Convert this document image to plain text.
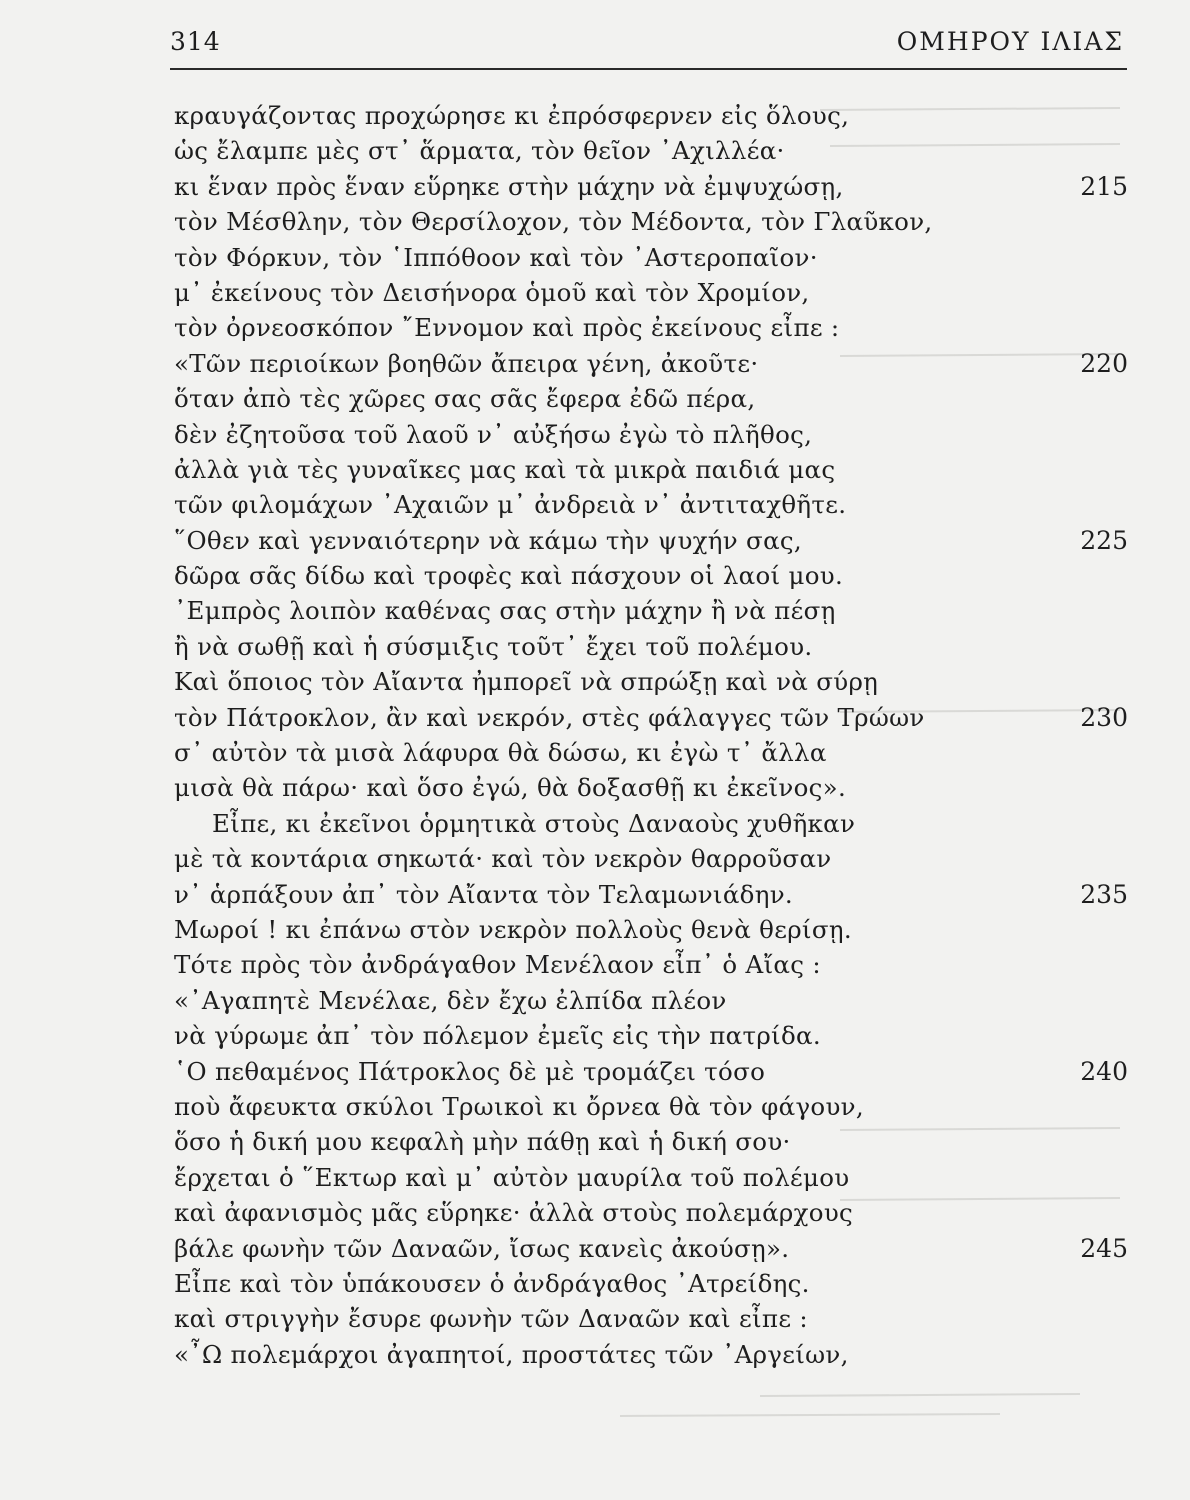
314	ΟΜΗΡΟΥ ΙΛΙΑΣ
κραυγάζοντας προχώρησε κι ἐπρόσφερνεν εἰς ὅλους,
ὡς ἔλαμπε μὲς στ᾽ ἅρματα, τὸν θεῖον ᾽Αχιλλέα·
κι ἕναν πρὸς ἕναν εὕρηκε στὴν μάχην νὰ ἐμψυχώσῃ,	215
τὸν Μέσθλην, τὸν Θερσίλοχον, τὸν Μέδοντα, τὸν Γλαῦκον,
τὸν Φόρκυν, τὸν ῾Ιππόθοον καὶ τὸν ᾽Αστεροπαῖον·
μ᾽ ἐκείνους τὸν Δεισήνορα ὁμοῦ καὶ τὸν Χρομίον,
τὸν ὀρνεοσκόπον ῎Εννομον καὶ πρὸς ἐκείνους εἶπε :
«Τῶν περιοίκων βοηθῶν ἄπειρα γένη, ἀκοῦτε·	220
ὅταν ἀπὸ τὲς χῶρες σας σᾶς ἔφερα ἐδῶ πέρα,
δὲν ἐζητοῦσα τοῦ λαοῦ ν᾽ αὐξήσω ἐγὼ τὸ πλῆθος,
ἀλλὰ γιὰ τὲς γυναῖκες μας καὶ τὰ μικρὰ παιδιά μας
τῶν φιλομάχων ᾽Αχαιῶν μ᾽ ἀνδρειὰ ν᾽ ἀντιταχθῆτε.
῞Οθεν καὶ γενναιότερην νὰ κάμω τὴν ψυχήν σας,	225
δῶρα σᾶς δίδω καὶ τροφὲς καὶ πάσχουν οἱ λαοί μου.
᾽Εμπρὸς λοιπὸν καθένας σας στὴν μάχην ἢ νὰ πέσῃ
ἢ νὰ σωθῇ καὶ ἡ σύσμιξις τοῦτ᾽ ἔχει τοῦ πολέμου.
Καὶ ὅποιος τὸν Αἴαντα ἠμπορεῖ νὰ σπρώξῃ καὶ νὰ σύρῃ
τὸν Πάτροκλον, ἂν καὶ νεκρόν, στὲς φάλαγγες τῶν Τρώων	230
σ᾽ αὐτὸν τὰ μισὰ λάφυρα θὰ δώσω, κι ἐγὼ τ᾽ ἄλλα
μισὰ θὰ πάρω· καὶ ὅσο ἐγώ, θὰ δοξασθῇ κι ἐκεῖνος».
Εἶπε, κι ἐκεῖνοι ὁρμητικὰ στοὺς Δαναοὺς χυθῆκαν
μὲ τὰ κοντάρια σηκωτά· καὶ τὸν νεκρὸν θαρροῦσαν
ν᾽ ἁρπάξουν ἀπ᾽ τὸν Αἴαντα τὸν Τελαμωνιάδην.	235
Μωροί ! κι ἐπάνω στὸν νεκρὸν πολλοὺς θενὰ θερίσῃ.
Τότε πρὸς τὸν ἀνδράγαθον Μενέλαον εἶπ᾽ ὁ Αἴας :
«᾽Αγαπητὲ Μενέλαε, δὲν ἔχω ἐλπίδα πλέον
νὰ γύρωμε ἀπ᾽ τὸν πόλεμον ἐμεῖς εἰς τὴν πατρίδα.
῾Ο πεθαμένος Πάτροκλος δὲ μὲ τρομάζει τόσο	240
ποὺ ἄφευκτα σκύλοι Τρωικοὶ κι ὄρνεα θὰ τὸν φάγουν,
ὅσο ἡ δική μου κεφαλὴ μὴν πάθῃ καὶ ἡ δική σου·
ἔρχεται ὁ ῞Εκτωρ καὶ μ᾽ αὐτὸν μαυρίλα τοῦ πολέμου
καὶ ἀφανισμὸς μᾶς εὕρηκε· ἀλλὰ στοὺς πολεμάρχους
βάλε φωνὴν τῶν Δαναῶν, ἴσως κανεὶς ἀκούσῃ».	245
Εἶπε καὶ τὸν ὑπάκουσεν ὁ ἀνδράγαθος ᾽Ατρείδης.
καὶ στριγγὴν ἔσυρε φωνὴν τῶν Δαναῶν καὶ εἶπε :
«῏Ω πολεμάρχοι ἀγαπητοί, προστάτες τῶν ᾽Αργείων,
